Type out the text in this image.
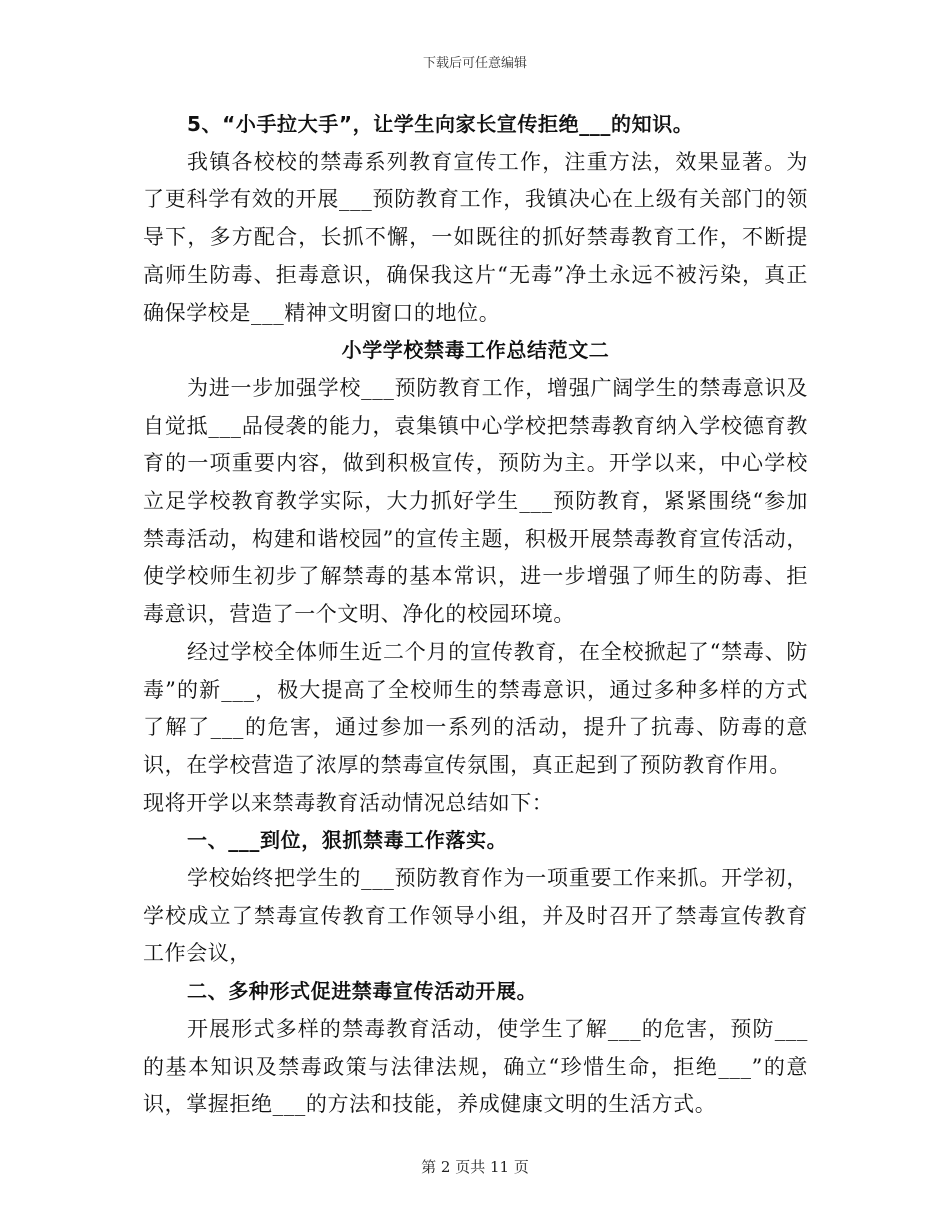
下载后可任意编辑

5、“小手拉大手”，让学生向家长宣传拒绝___的知识。

我镇各校校的禁毒系列教育宣传工作，注重方法，效果显著。为了更科学有效的开展___预防教育工作，我镇决心在上级有关部门的领导下，多方配合，长抓不懈，一如既往的抓好禁毒教育工作，不断提高师生防毒、拒毒意识，确保我这片“无毒”净土永远不被污染，真正确保学校是___精神文明窗口的地位。

小学学校禁毒工作总结范文二

为进一步加强学校___预防教育工作，增强广阔学生的禁毒意识及自觉抵___品侵袭的能力，袁集镇中心学校把禁毒教育纳入学校德育教育的一项重要内容，做到积极宣传，预防为主。开学以来，中心学校立足学校教育教学实际，大力抓好学生___预防教育，紧紧围绕“参加禁毒活动，构建和谐校园”的宣传主题，积极开展禁毒教育宣传活动，使学校师生初步了解禁毒的基本常识，进一步增强了师生的防毒、拒毒意识，营造了一个文明、净化的校园环境。

经过学校全体师生近二个月的宣传教育，在全校掀起了“禁毒、防毒”的新___，极大提高了全校师生的禁毒意识，通过多种多样的方式了解了___的危害，通过参加一系列的活动，提升了抗毒、防毒的意识，在学校营造了浓厚的禁毒宣传氛围，真正起到了预防教育作用。

现将开学以来禁毒教育活动情况总结如下：

一、___到位，狠抓禁毒工作落实。

学校始终把学生的___预防教育作为一项重要工作来抓。开学初，学校成立了禁毒宣传教育工作领导小组，并及时召开了禁毒宣传教育工作会议，

二、多种形式促进禁毒宣传活动开展。

开展形式多样的禁毒教育活动，使学生了解___的危害，预防___的基本知识及禁毒政策与法律法规，确立“珍惜生命，拒绝___”的意识，掌握拒绝___的方法和技能，养成健康文明的生活方式。

第 2 页共 11 页
